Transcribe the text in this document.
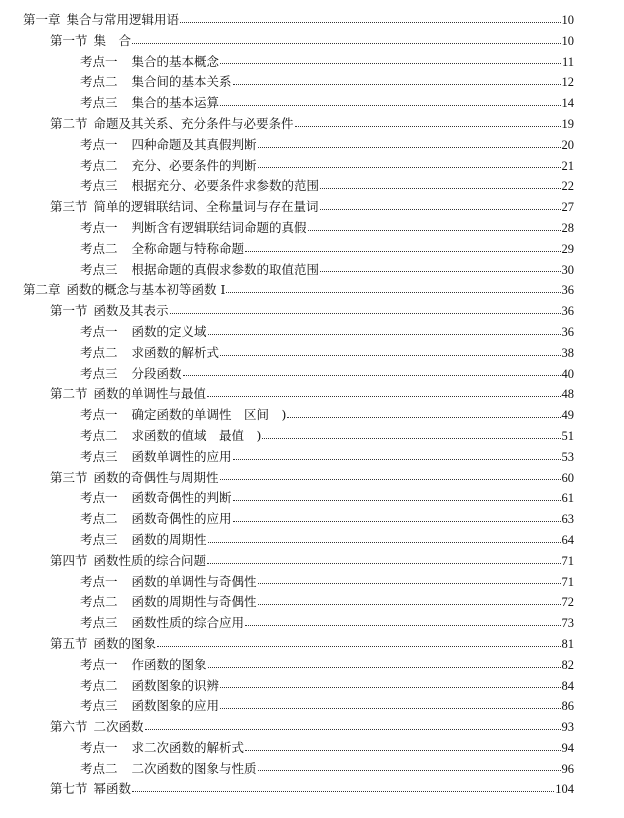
第一章 集合与常用逻辑用语	10
第一节 集　合	10
考点一 集合的基本概念	11
考点二 集合间的基本关系	12
考点三 集合的基本运算	14
第二节 命题及其关系、充分条件与必要条件	19
考点一 四种命题及其真假判断	20
考点二 充分、必要条件的判断	21
考点三 根据充分、必要条件求参数的范围	22
第三节 简单的逻辑联结词、全称量词与存在量词	27
考点一 判断含有逻辑联结词命题的真假	28
考点二 全称命题与特称命题	29
考点三 根据命题的真假求参数的取值范围	30
第二章 函数的概念与基本初等函数 I	36
第一节 函数及其表示	36
考点一 函数的定义域	36
考点二 求函数的解析式	38
考点三 分段函数	40
第二节 函数的单调性与最值	48
考点一 确定函数的单调性　区间　)	49
考点二 求函数的值域　最值　)	51
考点三 函数单调性的应用	53
第三节 函数的奇偶性与周期性	60
考点一 函数奇偶性的判断	61
考点二 函数奇偶性的应用	63
考点三 函数的周期性	64
第四节 函数性质的综合问题	71
考点一 函数的单调性与奇偶性	71
考点二 函数的周期性与奇偶性	72
考点三 函数性质的综合应用	73
第五节 函数的图象	81
考点一 作函数的图象	82
考点二 函数图象的识辨	84
考点三 函数图象的应用	86
第六节 二次函数	93
考点一 求二次函数的解析式	94
考点二 二次函数的图象与性质	96
第七节 幂函数	104
